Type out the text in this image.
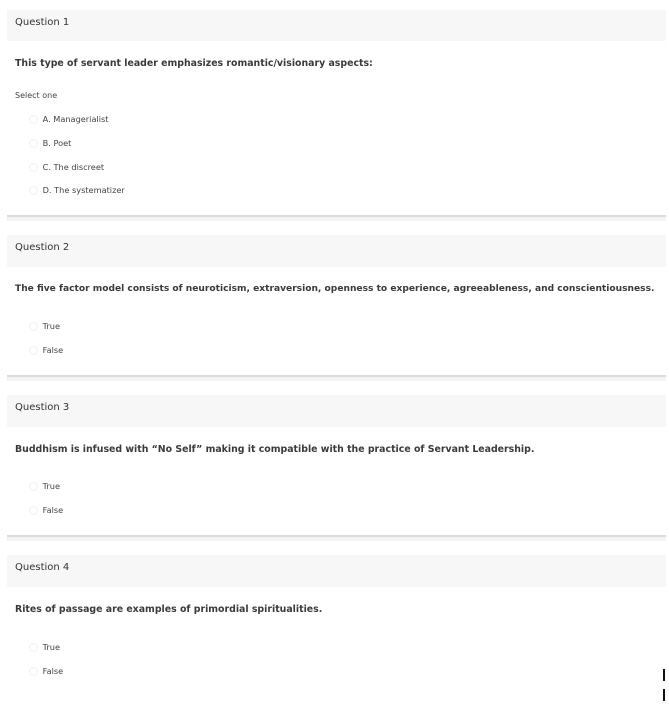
Question 1
This type of servant leader emphasizes romantic/visionary aspects:
Select one
A. Managerialist
B. Poet
C. The discreet
D. The systematizer
Question 2
The five factor model consists of neuroticism, extraversion, openness to experience, agreeableness, and conscientiousness.
True
False
Question 3
Buddhism is infused with “No Self” making it compatible with the practice of Servant Leadership.
True
False
Question 4
Rites of passage are examples of primordial spiritualities.
True
False
